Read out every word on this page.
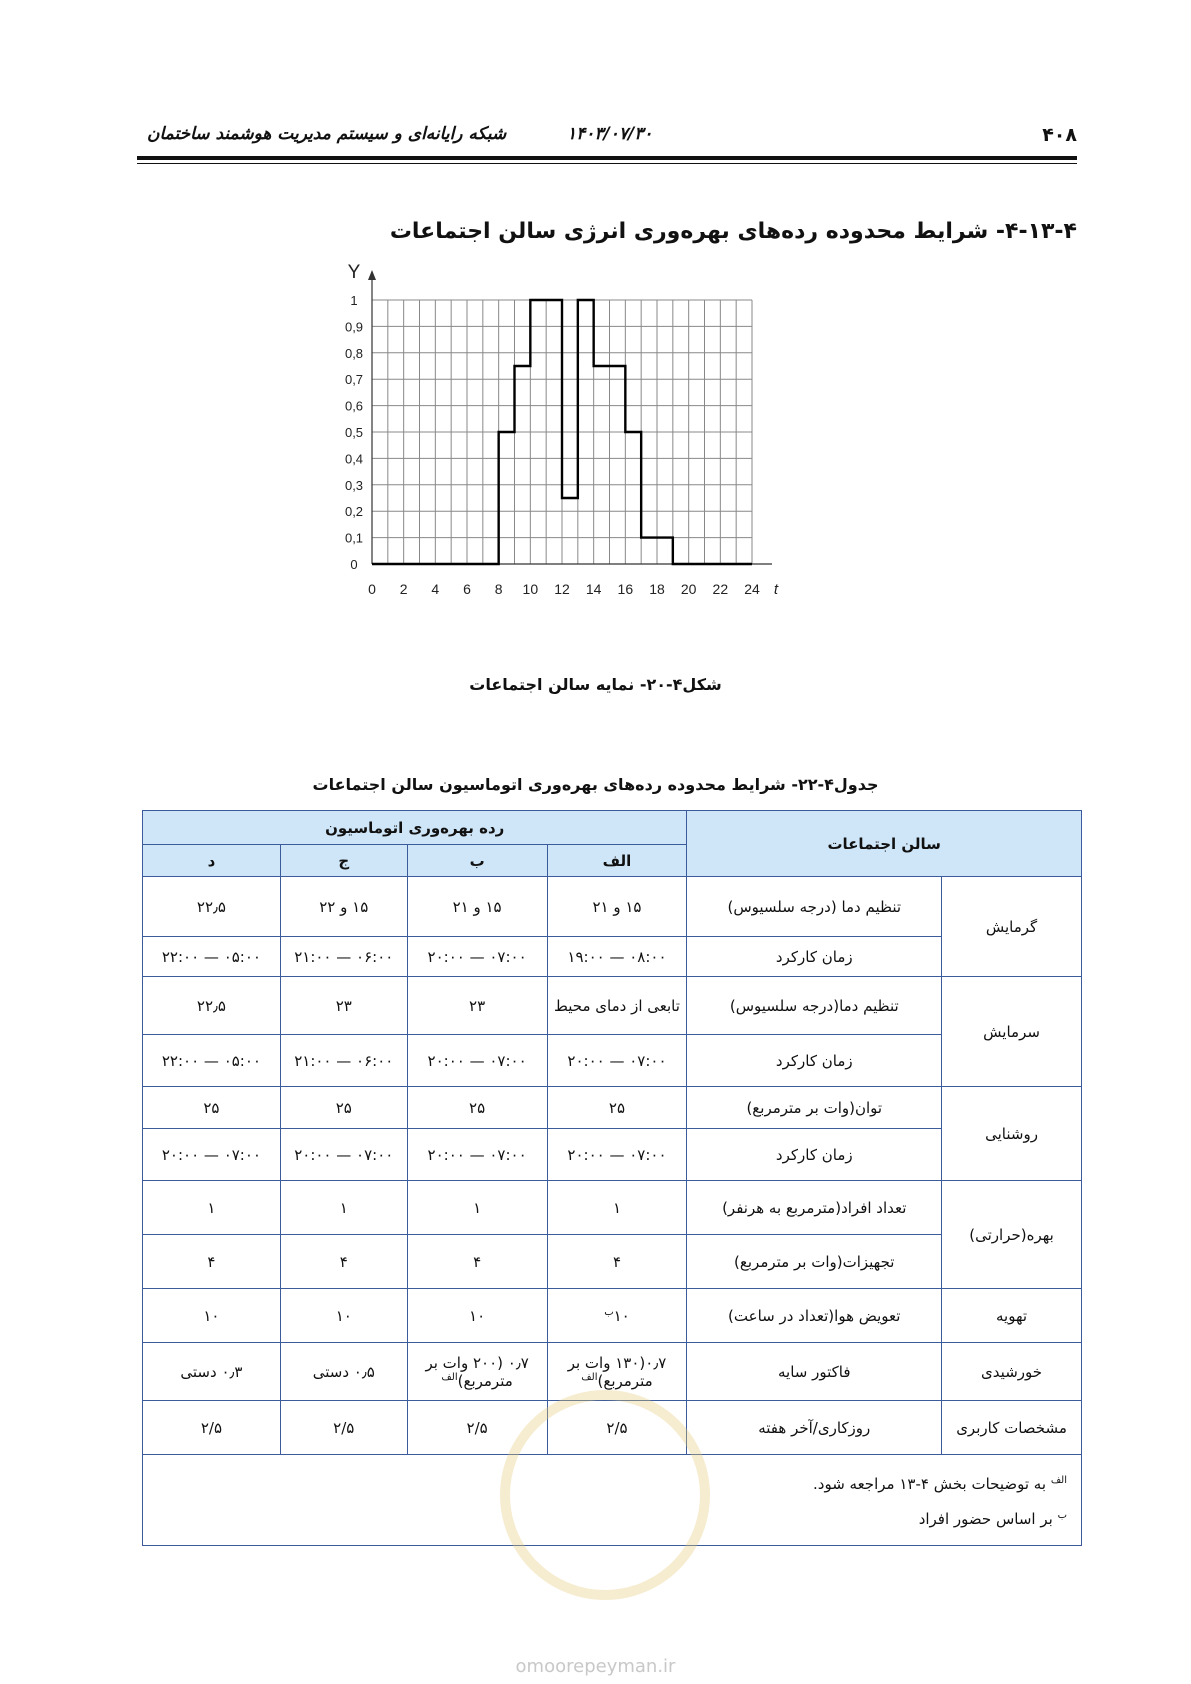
۴۰۸
۱۴۰۳/۰۷/۳۰
شبکه رایانه‌ای و سیستم مدیریت هوشمند ساختمان
۴-۱۳-۴- شرایط محدوده رده‌های بهره‌وری انرژی سالن اجتماعات
0 2 4 6 8 10 12 14 16 18 20 22 24
0
0,1
0,2
0,3
0,4
0,5
0,6
0,7
0,8
0,9
1
Y
t
شکل۴-۲۰- نمایه سالن اجتماعات
جدول۴-۲۲- شرایط محدوده رده‌های بهره‌وری اتوماسیون سالن اجتماعات
سالن اجتماعات		رده بهره‌وری اتوماسیون			
		الف	ب	ج	د
گرمایش	تنظیم دما (درجه سلسیوس)	۱۵ و ۲۱	۱۵ و ۲۱	۱۵ و ۲۲	۲۲٫۵
	زمان کارکرد	۰۸:۰۰ — ۱۹:۰۰	۰۷:۰۰ — ۲۰:۰۰	۰۶:۰۰ — ۲۱:۰۰	۰۵:۰۰ — ۲۲:۰۰
سرمایش	تنظیم دما(درجه سلسیوس)	تابعی از دمای محیط	۲۳	۲۳	۲۲٫۵
	زمان کارکرد	۰۷:۰۰ — ۲۰:۰۰	۰۷:۰۰ — ۲۰:۰۰	۰۶:۰۰ — ۲۱:۰۰	۰۵:۰۰ — ۲۲:۰۰
روشنایی	توان(وات بر مترمربع)	۲۵	۲۵	۲۵	۲۵
	زمان کارکرد	۰۷:۰۰ — ۲۰:۰۰	۰۷:۰۰ — ۲۰:۰۰	۰۷:۰۰ — ۲۰:۰۰	۰۷:۰۰ — ۲۰:۰۰
بهره(حرارتی)	تعداد افراد(مترمربع به هرنفر)	۱	۱	۱	۱
	تجهیزات(وات بر مترمربع)	۴	۴	۴	۴
تهویه	تعویض هوا(تعداد در ساعت)	$۱۰^ب$	۱۰	۱۰	۱۰
خورشیدی	فاکتور سایه	۰٫۷(۱۳۰ وات بر مترمربع)$^{الف}$	۰٫۷ (۲۰۰ وات بر مترمربع)$^{الف}$	۰٫۵ دستی	۰٫۳ دستی
مشخصات کاربری	روزکاری/آخر هفته	۲/۵	۲/۵	۲/۵	۲/۵

$^{الف}$ به توضیحات بخش ۴-۱۳ مراجعه شود.
$^ب$ بر اساس حضور افراد					
omoorepeyman.ir
